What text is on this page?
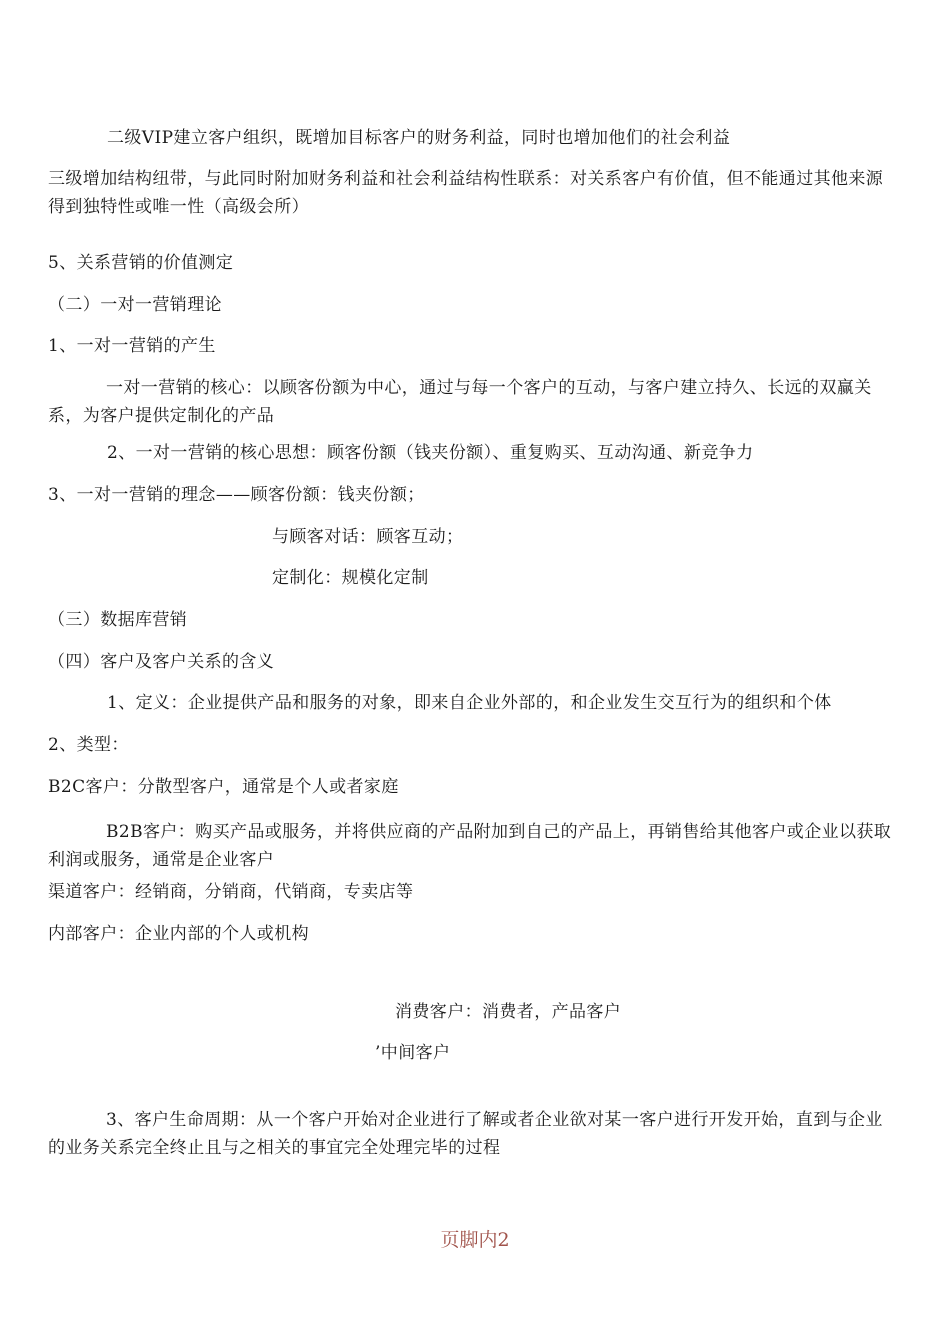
二级VIP建立客户组织，既增加目标客户的财务利益，同时也增加他们的社会利益
三级增加结构纽带，与此同时附加财务利益和社会利益结构性联系：对关系客户有价值，但不能通过其他来源得到独特性或唯一性（高级会所）
5、关系营销的价值测定
（二）一对一营销理论
1、一对一营销的产生
一对一营销的核心：以顾客份额为中心，通过与每一个客户的互动，与客户建立持久、长远的双赢关系，为客户提供定制化的产品
2、一对一营销的核心思想：顾客份额（钱夹份额）、重复购买、互动沟通、新竞争力
3、一对一营销的理念——顾客份额：钱夹份额；
与顾客对话：顾客互动；
定制化：规模化定制
（三）数据库营销
（四）客户及客户关系的含义
1、定义：企业提供产品和服务的对象，即来自企业外部的，和企业发生交互行为的组织和个体
2、类型：
B2C客户：分散型客户，通常是个人或者家庭
B2B客户：购买产品或服务，并将供应商的产品附加到自己的产品上，再销售给其他客户或企业以获取利润或服务，通常是企业客户
渠道客户：经销商，分销商，代销商，专卖店等
内部客户：企业内部的个人或机构
消费客户：消费者，产品客户
’中间客户
3、客户生命周期：从一个客户开始对企业进行了解或者企业欲对某一客户进行开发开始，直到与企业的业务关系完全终止且与之相关的事宜完全处理完毕的过程
页脚内2
